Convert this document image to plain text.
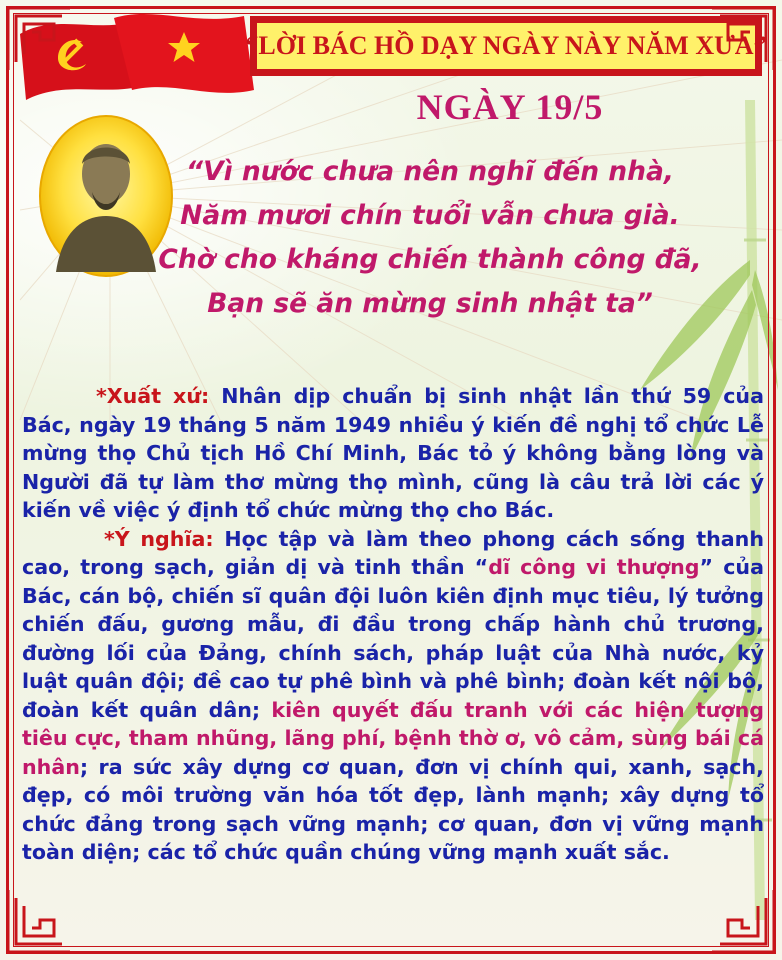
“LỜI BÁC HỒ DẠY NGÀY NÀY NĂM XƯA”
NGÀY 19/5
“Vì nước chưa nên nghĩ đến nhà,
Năm mươi chín tuổi vẫn chưa già.
Chờ cho kháng chiến thành công đã,
Bạn sẽ ăn mừng sinh nhật ta”

*Xuất xứ: Nhân dịp chuẩn bị sinh nhật lần thứ 59 của Bác, ngày 19 tháng 5 năm 1949 nhiều ý kiến đề nghị tổ chức Lễ mừng thọ Chủ tịch Hồ Chí Minh, Bác tỏ ý không bằng lòng và Người đã tự làm thơ mừng thọ mình, cũng là câu trả lời các ý kiến về việc ý định tổ chức mừng thọ cho Bác.

*Ý nghĩa: Học tập và làm theo phong cách sống thanh cao, trong sạch, giản dị và tinh thần “dĩ công vi thượng” của Bác, cán bộ, chiến sĩ quân đội luôn kiên định mục tiêu, lý tưởng chiến đấu, gương mẫu, đi đầu trong chấp hành chủ trương, đường lối của Đảng, chính sách, pháp luật của Nhà nước, kỷ luật quân đội; đề cao tự phê bình và phê bình; đoàn kết nội bộ, đoàn kết quân dân; kiên quyết đấu tranh với các hiện tượng tiêu cực, tham nhũng, lãng phí, bệnh thờ ơ, vô cảm, sùng bái cá nhân; ra sức xây dựng cơ quan, đơn vị chính qui, xanh, sạch, đẹp, có môi trường văn hóa tốt đẹp, lành mạnh; xây dựng tổ chức đảng trong sạch vững mạnh; cơ quan, đơn vị vững mạnh toàn diện; các tổ chức quần chúng vững mạnh xuất sắc.
